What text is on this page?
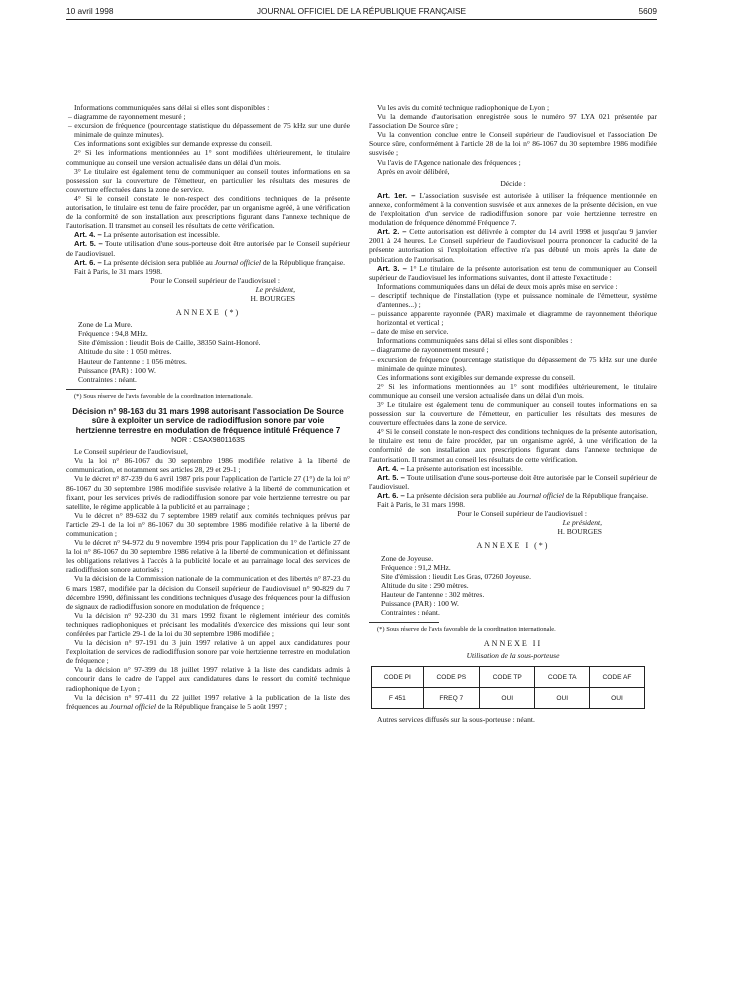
10 avril 1998	JOURNAL OFFICIEL DE LA RÉPUBLIQUE FRANÇAISE	5609

Informations communiquées sans délai si elles sont disponibles :

– diagramme de rayonnement mesuré ;

– excursion de fréquence (pourcentage statistique du dépassement de 75 kHz sur une durée minimale de quinze minutes).

Ces informations sont exigibles sur demande expresse du conseil.

2° Si les informations mentionnées au 1° sont modifiées ultérieurement, le titulaire communique au conseil une version actualisée dans un délai d'un mois.

3° Le titulaire est également tenu de communiquer au conseil toutes informations en sa possession sur la couverture de l'émetteur, en particulier les résultats des mesures de couverture effectuées dans la zone de service.

4° Si le conseil constate le non-respect des conditions techniques de la présente autorisation, le titulaire est tenu de faire procéder, par un organisme agréé, à une vérification de la conformité de son installation aux prescriptions figurant dans l'annexe technique de l'autorisation. Il transmet au conseil les résultats de cette vérification.

Art. 4. – La présente autorisation est incessible.

Art. 5. – Toute utilisation d'une sous-porteuse doit être autorisée par le Conseil supérieur de l'audiovisuel.

Art. 6. – La présente décision sera publiée au Journal officiel de la République française.

Fait à Paris, le 31 mars 1998.

Pour le Conseil supérieur de l'audiovisuel :

Le président,

H. BOURGES

ANNEXE (*)

Zone de La Mure.

Fréquence : 94,8 MHz.

Site d'émission : lieudit Bois de Caille, 38350 Saint-Honoré.

Altitude du site : 1 050 mètres.

Hauteur de l'antenne : 1 056 mètres.

Puissance (PAR) : 100 W.

Contraintes : néant.

(*) Sous réserve de l'avis favorable de la coordination internationale.

Décision n° 98-163 du 31 mars 1998 autorisant l'association De Source sûre à exploiter un service de radiodiffusion sonore par voie hertzienne terrestre en modulation de fréquence intitulé Fréquence 7

NOR : CSAX9801163S

Le Conseil supérieur de l'audiovisuel,

Vu la loi n° 86-1067 du 30 septembre 1986 modifiée relative à la liberté de communication, et notamment ses articles 28, 29 et 29-1 ;

Vu le décret n° 87-239 du 6 avril 1987 pris pour l'application de l'article 27 (1°) de la loi n° 86-1067 du 30 septembre 1986 modifiée susvisée relative à la liberté de communication et fixant, pour les services privés de radiodiffusion sonore par voie hertzienne terrestre ou par satellite, le régime applicable à la publicité et au parrainage ;

Vu le décret n° 89-632 du 7 septembre 1989 relatif aux comités techniques prévus par l'article 29-1 de la loi n° 86-1067 du 30 septembre 1986 modifiée relative à la liberté de communication ;

Vu le décret n° 94-972 du 9 novembre 1994 pris pour l'application du 1° de l'article 27 de la loi n° 86-1067 du 30 septembre 1986 relative à la liberté de communication et définissant les obligations relatives à l'accès à la publicité locale et au parrainage local des services de radiodiffusion sonore autorisés ;

Vu la décision de la Commission nationale de la communication et des libertés n° 87-23 du 6 mars 1987, modifiée par la décision du Conseil supérieur de l'audiovisuel n° 90-829 du 7 décembre 1990, définissant les conditions techniques d'usage des fréquences pour la diffusion de signaux de radiodiffusion sonore en modulation de fréquence ;

Vu la décision n° 92-230 du 31 mars 1992 fixant le règlement intérieur des comités techniques radiophoniques et précisant les modalités d'exercice des missions qui leur sont conférées par l'article 29-1 de la loi du 30 septembre 1986 modifiée ;

Vu la décision n° 97-191 du 3 juin 1997 relative à un appel aux candidatures pour l'exploitation de services de radiodiffusion sonore par voie hertzienne terrestre en modulation de fréquence ;

Vu la décision n° 97-399 du 18 juillet 1997 relative à la liste des candidats admis à concourir dans le cadre de l'appel aux candidatures dans le ressort du comité technique radiophonique de Lyon ;

Vu la décision n° 97-411 du 22 juillet 1997 relative à la publication de la liste des fréquences au Journal officiel de la République française le 5 août 1997 ;

Vu les avis du comité technique radiophonique de Lyon ;

Vu la demande d'autorisation enregistrée sous le numéro 97 LYA 021 présentée par l'association De Source sûre ;

Vu la convention conclue entre le Conseil supérieur de l'audiovisuel et l'association De Source sûre, conformément à l'article 28 de la loi n° 86-1067 du 30 septembre 1986 modifiée susvisée ;

Vu l'avis de l'Agence nationale des fréquences ;

Après en avoir délibéré,

Décide :

Art. 1er. – L'association susvisée est autorisée à utiliser la fréquence mentionnée en annexe, conformément à la convention susvisée et aux annexes de la présente décision, en vue de l'exploitation d'un service de radiodiffusion sonore par voie hertzienne terrestre en modulation de fréquence dénommé Fréquence 7.

Art. 2. – Cette autorisation est délivrée à compter du 14 avril 1998 et jusqu'au 9 janvier 2001 à 24 heures. Le Conseil supérieur de l'audiovisuel pourra prononcer la caducité de la présente autorisation si l'exploitation effective n'a pas débuté un mois après la date de publication de l'autorisation.

Art. 3. – 1° Le titulaire de la présente autorisation est tenu de communiquer au Conseil supérieur de l'audiovisuel les informations suivantes, dont il atteste l'exactitude :

Informations communiquées dans un délai de deux mois après mise en service :

– descriptif technique de l'installation (type et puissance nominale de l'émetteur, système d'antennes...) ;

– puissance apparente rayonnée (PAR) maximale et diagramme de rayonnement théorique horizontal et vertical ;

– date de mise en service.

Informations communiquées sans délai si elles sont disponibles :

– diagramme de rayonnement mesuré ;

– excursion de fréquence (pourcentage statistique du dépassement de 75 kHz sur une durée minimale de quinze minutes).

Ces informations sont exigibles sur demande expresse du conseil.

2° Si les informations mentionnées au 1° sont modifiées ultérieurement, le titulaire communique au conseil une version actualisée dans un délai d'un mois.

3° Le titulaire est également tenu de communiquer au conseil toutes informations en sa possession sur la couverture de l'émetteur, en particulier les résultats des mesures de couverture effectuées dans la zone de service.

4° Si le conseil constate le non-respect des conditions techniques de la présente autorisation, le titulaire est tenu de faire procéder, par un organisme agréé, à une vérification de la conformité de son installation aux prescriptions figurant dans l'annexe technique de l'autorisation. Il transmet au conseil les résultats de cette vérification.

Art. 4. – La présente autorisation est incessible.

Art. 5. – Toute utilisation d'une sous-porteuse doit être autorisée par le Conseil supérieur de l'audiovisuel.

Art. 6. – La présente décision sera publiée au Journal officiel de la République française.

Fait à Paris, le 31 mars 1998.

Pour le Conseil supérieur de l'audiovisuel :

Le président,

H. BOURGES

ANNEXE I (*)

Zone de Joyeuse.

Fréquence : 91,2 MHz.

Site d'émission : lieudit Les Gras, 07260 Joyeuse.

Altitude du site : 290 mètres.

Hauteur de l'antenne : 302 mètres.

Puissance (PAR) : 100 W.

Contraintes : néant.

(*) Sous réserve de l'avis favorable de la coordination internationale.

ANNEXE II

Utilisation de la sous-porteuse

CODE PI	CODE PS	CODE TP	CODE TA	CODE AF
F 451	FREQ 7	OUI	OUI	OUI

Autres services diffusés sur la sous-porteuse : néant.
